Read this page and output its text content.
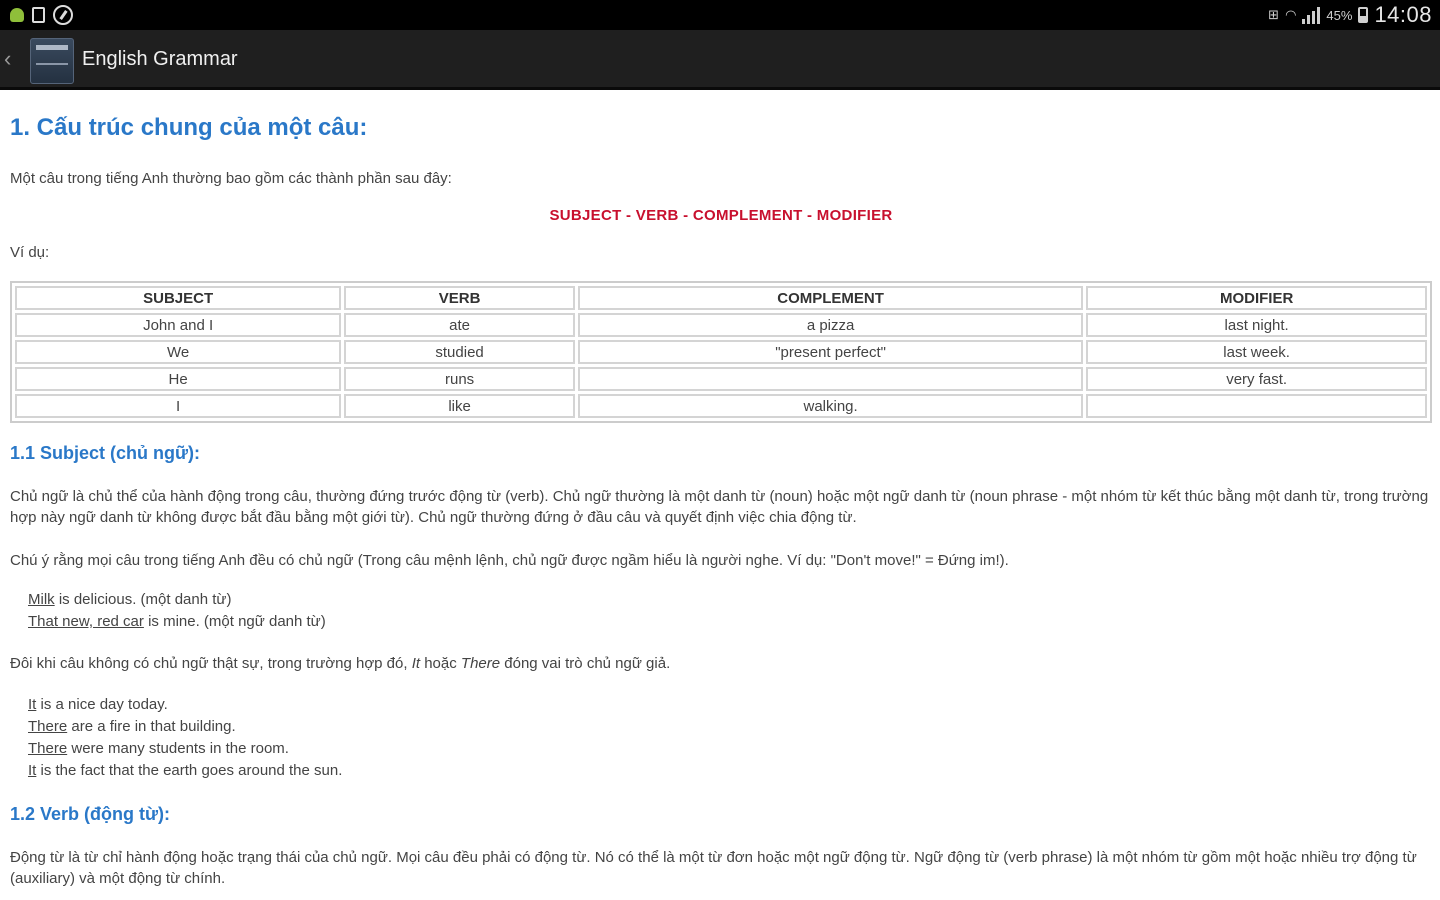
⊞ ◠ 45% 14:08
‹	English Grammar
1. Cấu trúc chung của một câu:

Một câu trong tiếng Anh thường bao gồm các thành phần sau đây:

SUBJECT - VERB - COMPLEMENT - MODIFIER

Ví dụ:

SUBJECT	VERB	COMPLEMENT	MODIFIER
John and I	ate	a pizza	last night.
We	studied	"present perfect"	last week.
He	runs		very fast.
I	like	walking.	
1.1 Subject (chủ ngữ):

Chủ ngữ là chủ thể của hành động trong câu, thường đứng trước động từ (verb). Chủ ngữ thường là một danh từ (noun) hoặc một ngữ danh từ (noun phrase - một nhóm từ kết thúc bằng một danh từ, trong trường hợp này ngữ danh từ không được bắt đầu bằng một giới từ). Chủ ngữ thường đứng ở đầu câu và quyết định việc chia động từ.

Chú ý rằng mọi câu trong tiếng Anh đều có chủ ngữ (Trong câu mệnh lệnh, chủ ngữ được ngầm hiểu là người nghe. Ví dụ: "Don't move!" = Đứng im!).

Milk is delicious. (một danh từ)
That new, red car is mine. (một ngữ danh từ)

Đôi khi câu không có chủ ngữ thật sự, trong trường hợp đó, It hoặc There đóng vai trò chủ ngữ giả.

It is a nice day today.
There are a fire in that building.
There were many students in the room.
It is the fact that the earth goes around the sun.
1.2 Verb (động từ):

Động từ là từ chỉ hành động hoặc trạng thái của chủ ngữ. Mọi câu đều phải có động từ. Nó có thể là một từ đơn hoặc một ngữ động từ. Ngữ động từ (verb phrase) là một nhóm từ gồm một hoặc nhiều trợ động từ (auxiliary) và một động từ chính.
